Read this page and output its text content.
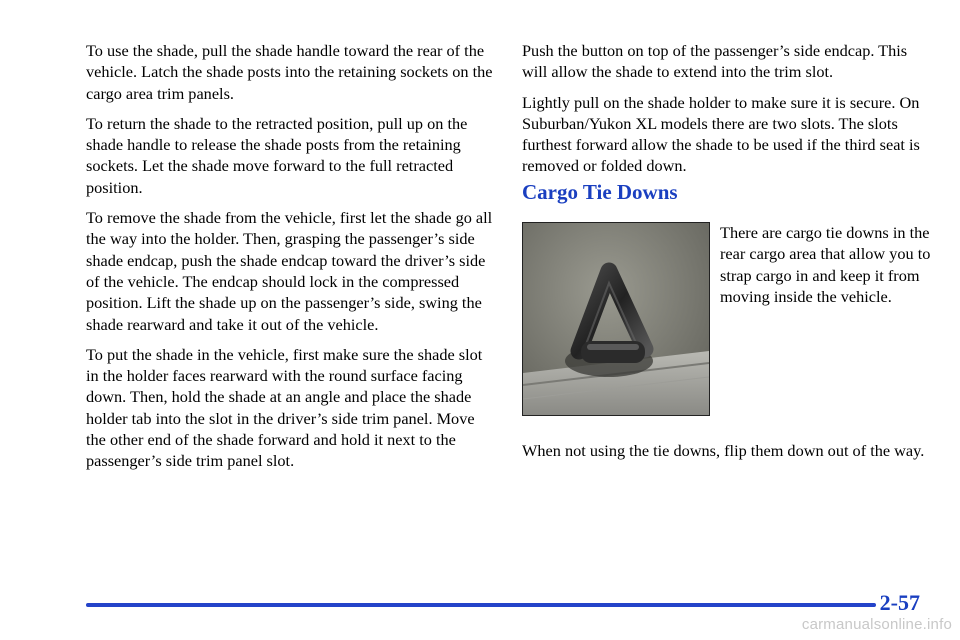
To use the shade, pull the shade handle toward the rear of the vehicle. Latch the shade posts into the retaining sockets on the cargo area trim panels.

To return the shade to the retracted position, pull up on the shade handle to release the shade posts from the retaining sockets. Let the shade move forward to the full retracted position.

To remove the shade from the vehicle, first let the shade go all the way into the holder. Then, grasping the passenger’s side shade endcap, push the shade endcap toward the driver’s side of the vehicle. The endcap should lock in the compressed position. Lift the shade up on the passenger’s side, swing the shade rearward and take it out of the vehicle.

To put the shade in the vehicle, first make sure the shade slot in the holder faces rearward with the round surface facing down. Then, hold the shade at an angle and place the shade holder tab into the slot in the driver’s side trim panel. Move the other end of the shade forward and hold it next to the passenger’s side trim panel slot.

Push the button on top of the passenger’s side endcap. This will allow the shade to extend into the trim slot.

Lightly pull on the shade holder to make sure it is secure. On Suburban/Yukon XL models there are two slots. The slots furthest forward allow the shade to be used if the third seat is removed or folded down.

Cargo Tie Downs

There are cargo tie downs in the rear cargo area that allow you to strap cargo in and keep it from moving inside the vehicle.

When not using the tie downs, flip them down out of the way.

2-57

carmanualsonline.info
